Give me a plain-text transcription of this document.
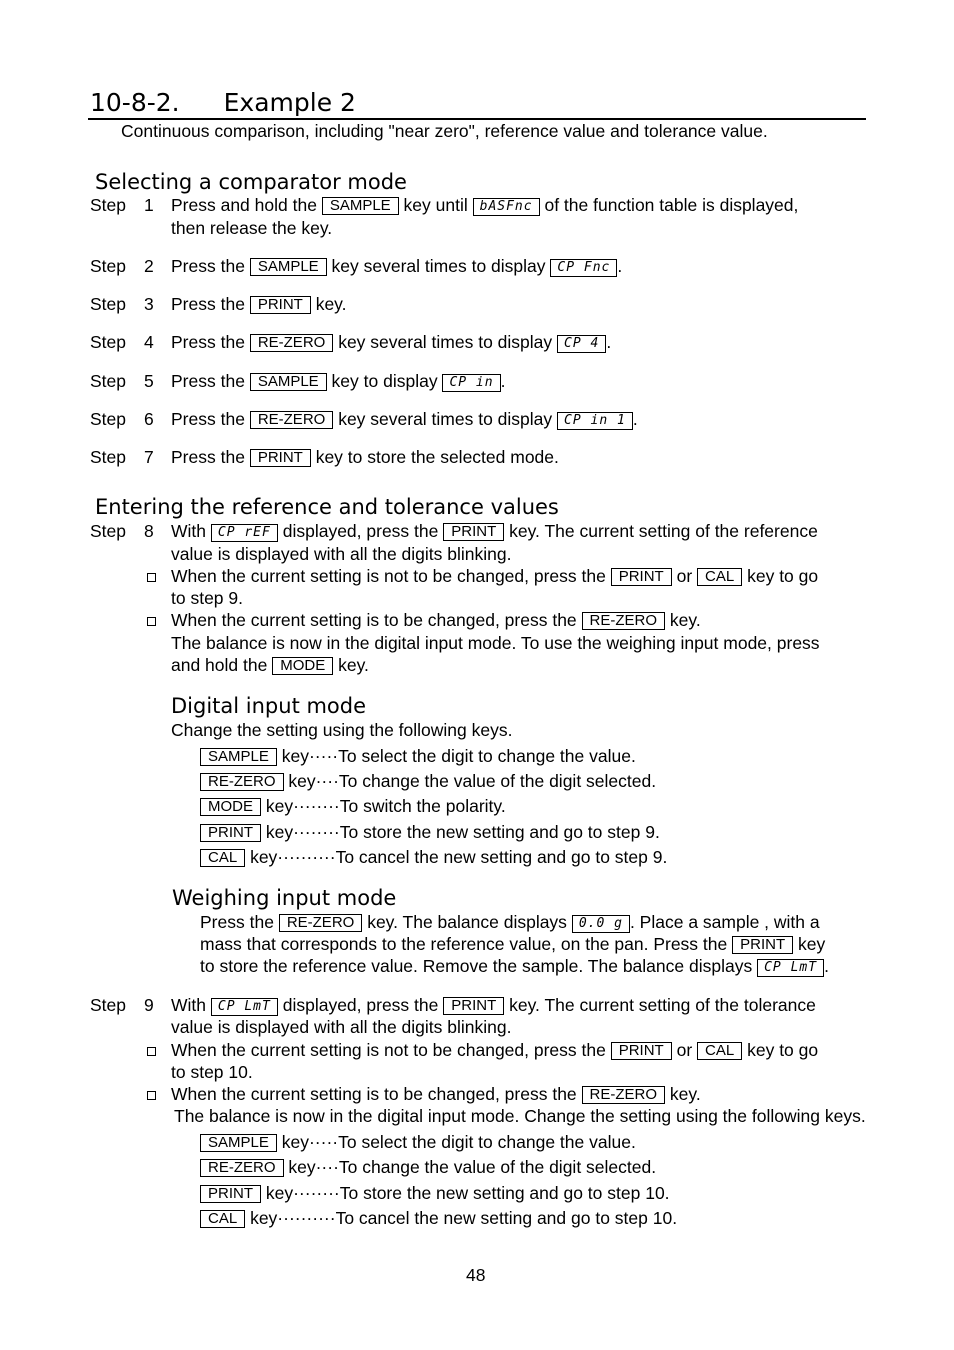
10-8-2. Example 2
Continuous comparison, including "near zero", reference value and tolerance value.
Selecting a comparator mode
Step 1 Press and hold the SAMPLE key until bASFnc of the function table is displayed,
then release the key.
Step 2 Press the SAMPLE key several times to display CP Fnc .
Step 3 Press the PRINT key.
Step 4 Press the RE-ZERO key several times to display CP 4 .
Step 5 Press the SAMPLE key to display CP in .
Step 6 Press the RE-ZERO key several times to display CP in 1 .
Step 7 Press the PRINT key to store the selected mode.
Entering the reference and tolerance values
Step 8 With CP rEF displayed, press the PRINT key. The current setting of the reference
value is displayed with all the digits blinking.
When the current setting is not to be changed, press the PRINT or CAL key to go
to step 9.
When the current setting is to be changed, press the RE-ZERO key.
The balance is now in the digital input mode. To use the weighing input mode, press
and hold the MODE key.
Digital input mode
Change the setting using the following keys.
SAMPLE key·····To select the digit to change the value.
RE-ZERO key····To change the value of the digit selected.
MODE key········To switch the polarity.
PRINT key········To store the new setting and go to step 9.
CAL key··········To cancel the new setting and go to step 9.
Weighing input mode
Press the RE-ZERO key. The balance displays 0.0 g . Place a sample , with a
mass that corresponds to the reference value, on the pan. Press the PRINT key
to store the reference value. Remove the sample. The balance displays CP LmT .
Step 9 With CP LmT displayed, press the PRINT key. The current setting of the tolerance
value is displayed with all the digits blinking.
When the current setting is not to be changed, press the PRINT or CAL key to go
to step 10.
When the current setting is to be changed, press the RE-ZERO key.
The balance is now in the digital input mode. Change the setting using the following keys.
SAMPLE key·····To select the digit to change the value.
RE-ZERO key····To change the value of the digit selected.
PRINT key········To store the new setting and go to step 10.
CAL key··········To cancel the new setting and go to step 10.
48
